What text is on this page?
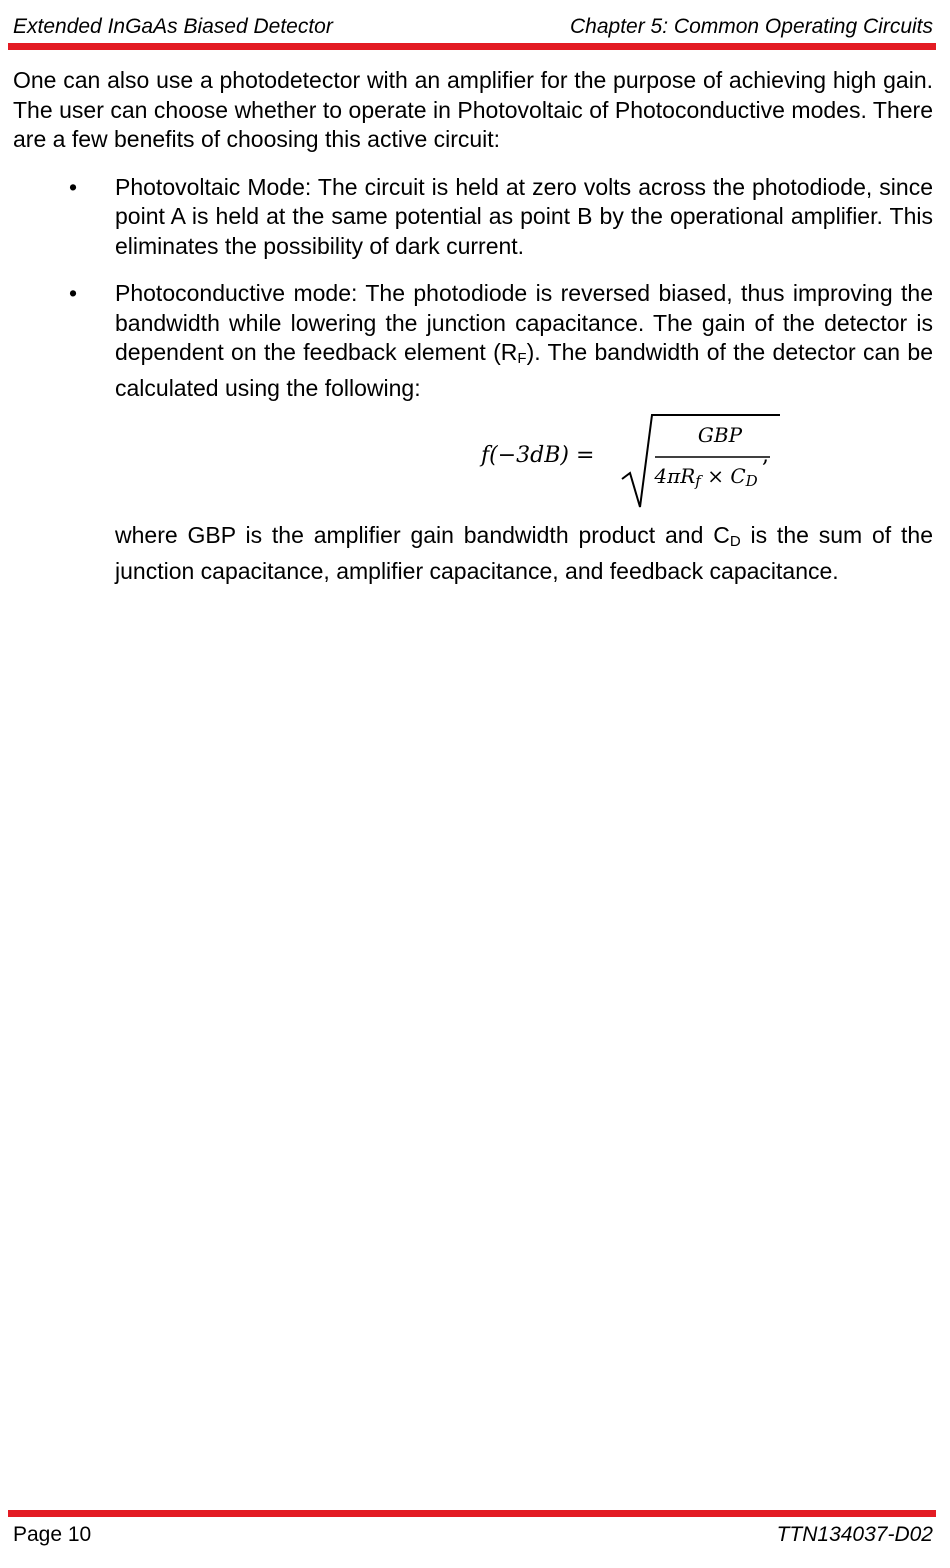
Extended InGaAs Biased Detector	Chapter 5: Common Operating Circuits

One can also use a photodetector with an amplifier for the purpose of achieving high gain. The user can choose whether to operate in Photovoltaic of Photoconductive modes. There are a few benefits of choosing this active circuit:

• Photovoltaic Mode: The circuit is held at zero volts across the photodiode, since point A is held at the same potential as point B by the operational amplifier. This eliminates the possibility of dark current.
• Photoconductive mode: The photodiode is reversed biased, thus improving the bandwidth while lowering the junction capacitance. The gain of the detector is dependent on the feedback element $(R_F)$. The bandwidth of the detector can be calculated using the following:
f(−3dB) =
GBP
$4\pi R_f \times C_D$
,

where GBP is the amplifier gain bandwidth product and $C_D$ is the sum of the junction capacitance, amplifier capacitance, and feedback capacitance.

Page 10	TTN134037-D02
